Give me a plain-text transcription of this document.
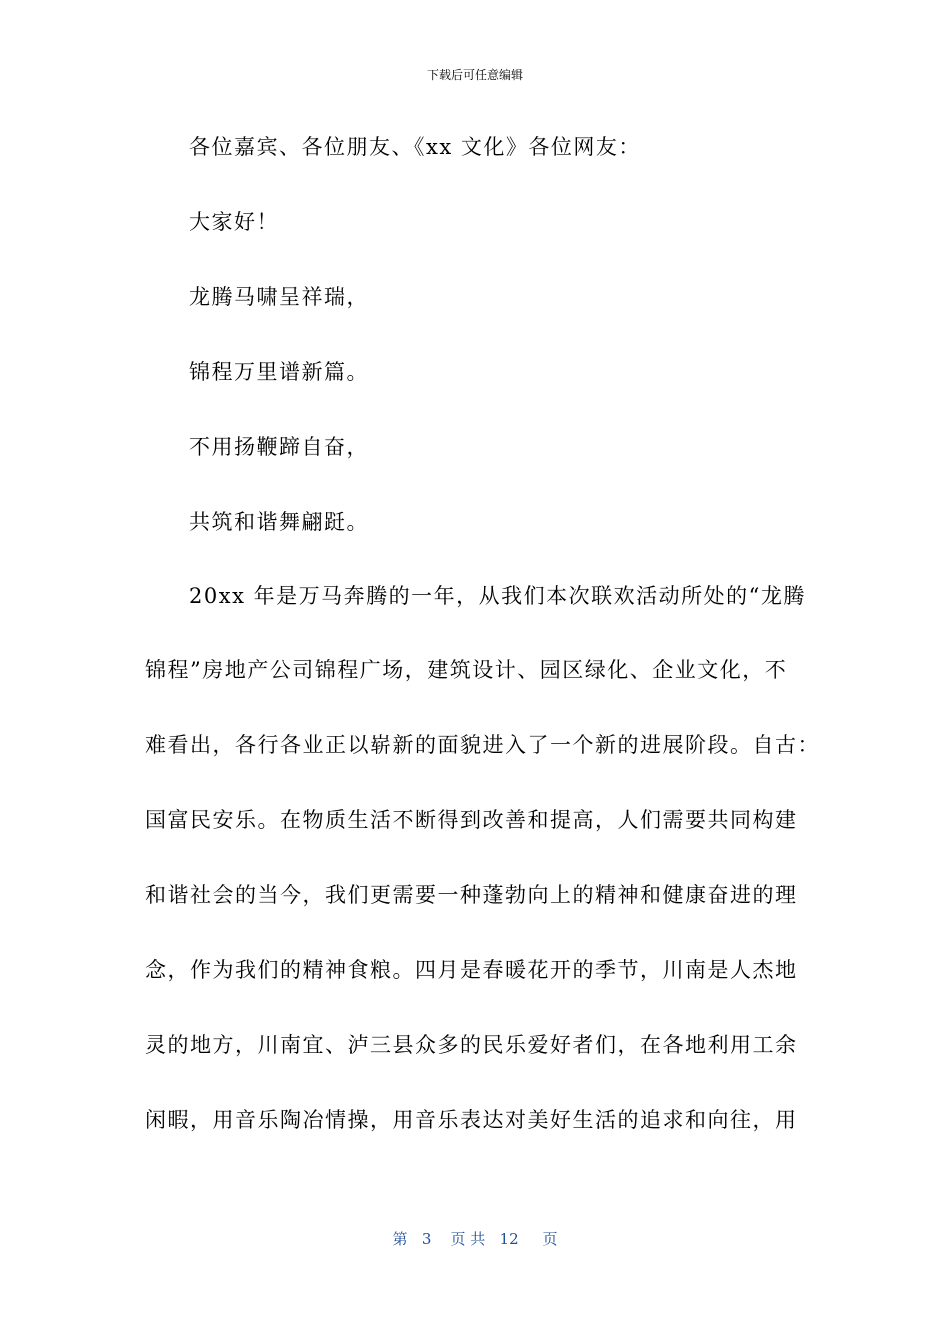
下载后可任意编辑
各位嘉宾、各位朋友、《xx 文化》各位网友：
大家好！
龙腾马啸呈祥瑞，
锦程万里谱新篇。
不用扬鞭蹄自奋，
共筑和谐舞翩跹。
20xx 年是万马奔腾的一年，从我们本次联欢活动所处的“龙腾
锦程”房地产公司锦程广场，建筑设计、园区绿化、企业文化，不
难看出，各行各业正以崭新的面貌进入了一个新的进展阶段。自古：
国富民安乐。在物质生活不断得到改善和提高，人们需要共同构建
和谐社会的当今，我们更需要一种蓬勃向上的精神和健康奋进的理
念，作为我们的精神食粮。四月是春暖花开的季节，川南是人杰地
灵的地方，川南宜、泸三县众多的民乐爱好者们，在各地利用工余
闲暇，用音乐陶冶情操，用音乐表达对美好生活的追求和向往，用
第 3 页 共 12 页
